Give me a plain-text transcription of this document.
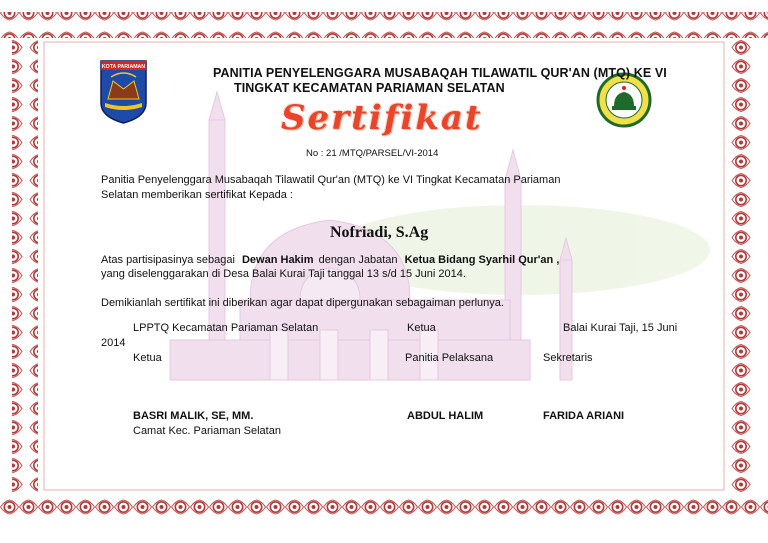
KOTA PARIAMAN	PANITIA PENYELENGGARA MUSABAQAH TILAWATIL QUR'AN (MTQ) KE VI
TINGKAT KECAMATAN PARIAMAN SELATAN
Sertifikat
No : 21 /MTQ/PARSEL/VI-2014
Panitia Penyelenggara Musabaqah Tilawatil Qur'an (MTQ) ke VI Tingkat Kecamatan Pariaman
Selatan memberikan sertifikat Kepada :
Nofriadi, S.Ag
Atas partisipasinya sebagai Dewan Hakim dengan Jabatan Ketua Bidang Syarhil Qur'an ,
yang diselenggarakan di Desa Balai Kurai Taji tanggal 13 s/d 15 Juni 2014.
Demikianlah sertifikat ini diberikan agar dapat dipergunakan sebagaiman perlunya.
LPPTQ Kecamatan Pariaman Selatan	Ketua	Balai Kurai Taji, 15 Juni
2014
Ketua	Panitia Pelaksana	Sekretaris
BASRI MALIK, SE, MM.	ABDUL HALIM	FARIDA ARIANI
Camat Kec. Pariaman Selatan
